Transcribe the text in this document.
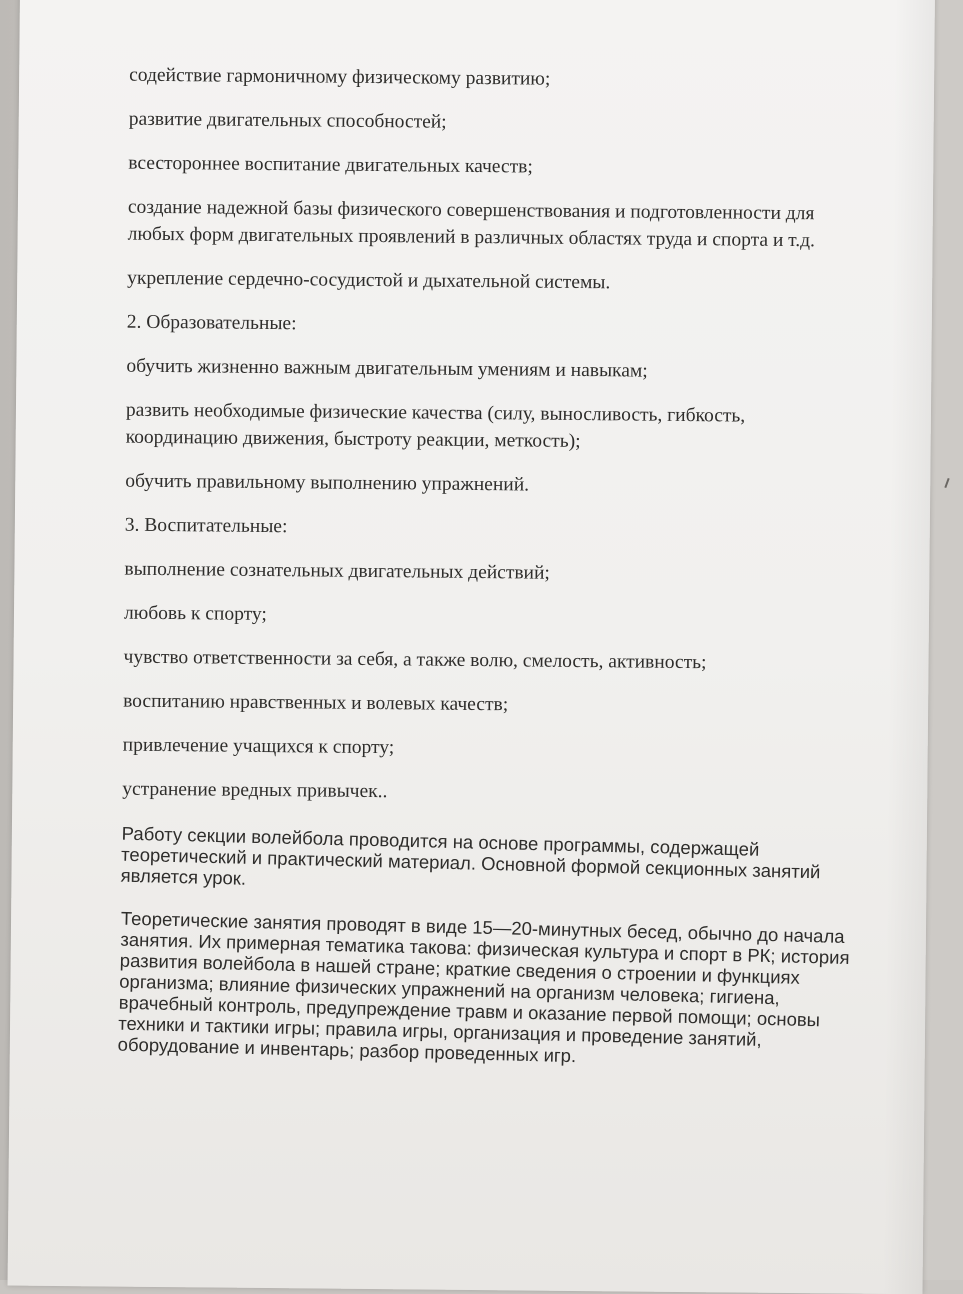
содействие гармоничному физическому развитию;

развитие двигательных способностей;

всестороннее воспитание двигательных качеств;

создание надежной базы физического совершенствования и подготовленности для любых форм двигательных проявлений в различных областях труда и спорта и т.д.

укрепление сердечно-сосудистой и дыхательной системы.

2. Образовательные:

обучить жизненно важным двигательным умениям и навыкам;

развить необходимые физические качества (силу, выносливость, гибкость, координацию движения, быстроту реакции, меткость);

обучить правильному выполнению упражнений.

3. Воспитательные:

выполнение сознательных двигательных действий;

любовь к спорту;

чувство ответственности за себя, а также волю, смелость, активность;

воспитанию нравственных и волевых качеств;

привлечение учащихся к спорту;

устранение вредных привычек..

Работу секции волейбола проводится на основе программы, содержащей теоретический и практический материал. Основной формой секционных занятий является урок.

Теоретические занятия проводят в виде 15—20-минутных бесед, обычно до начала занятия. Их примерная тематика такова: физическая культура и спорт в РК; история развития волейбола в нашей стране; краткие сведения о строении и функциях организма; влияние физических упражнений на организм человека; гигиена, врачебный контроль, предупреждение травм и оказание первой помощи; основы техники и тактики игры; правила игры, организация и проведение занятий, оборудование и инвентарь; разбор проведенных игр.
